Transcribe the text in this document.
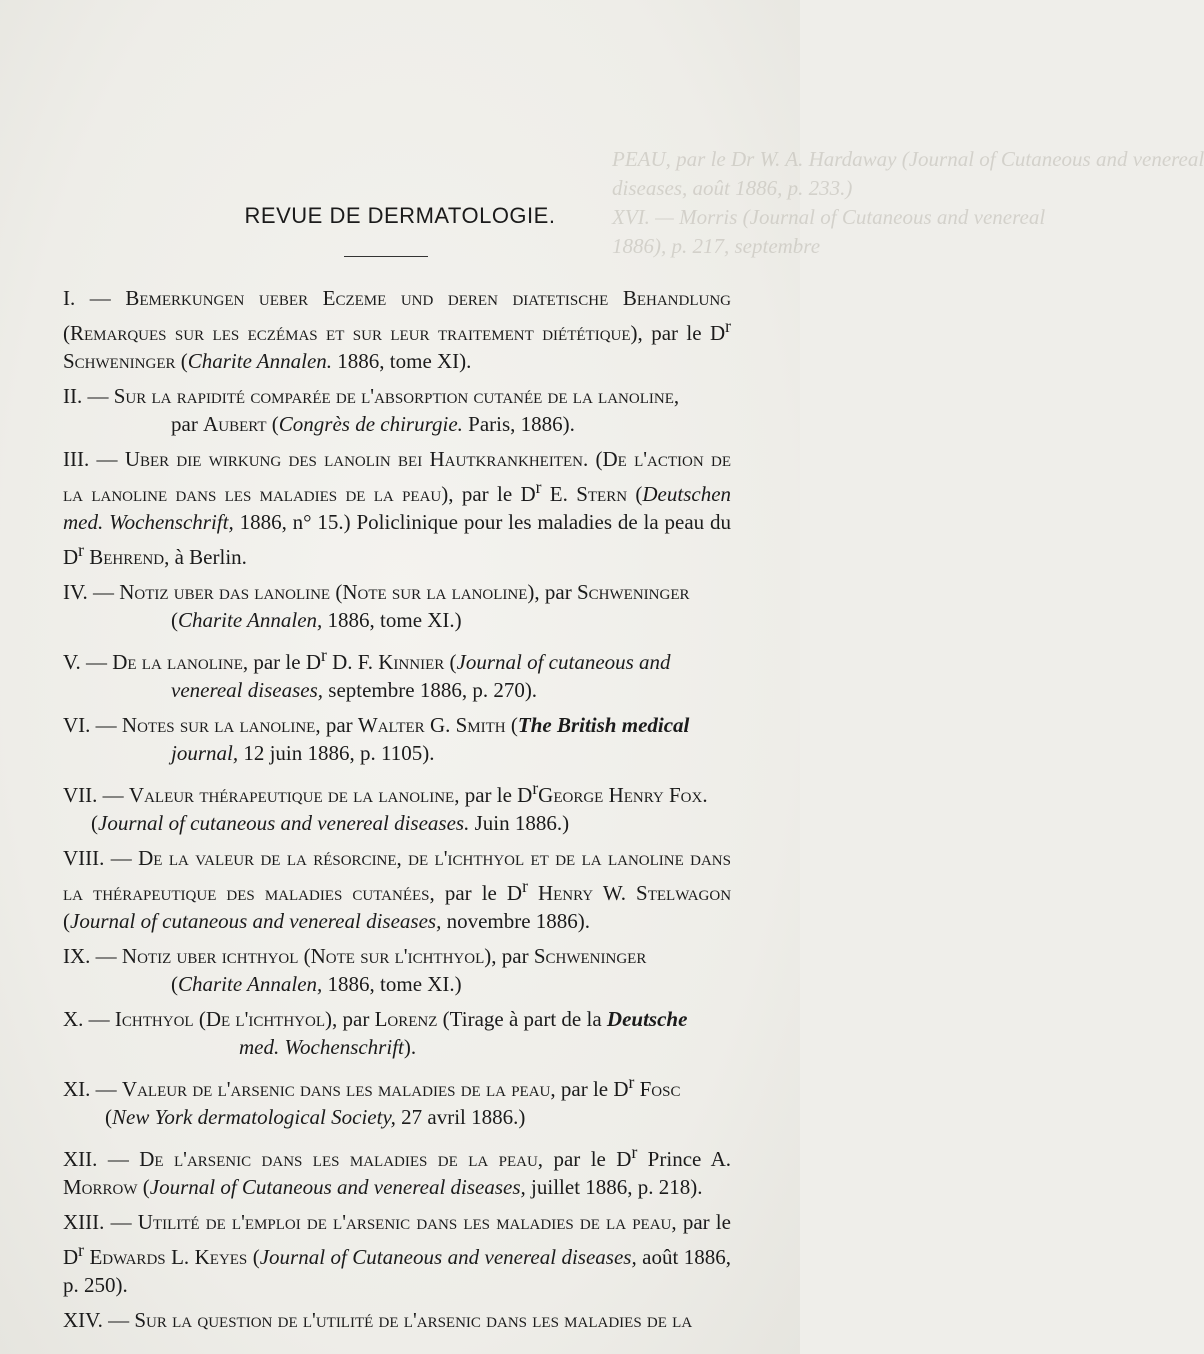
PEAU, par le Dr W. A. Hardaway (Journal of Cutaneous and venereal
diseases, août 1886, p. 233.)
XVI. — Morris (Journal of Cutaneous and venereal
1886), p. 217, septembre
REVUE DE DERMATOLOGIE.

I. — Bemerkungen ueber Eczeme und deren diatetische Behandlung (Remarques sur les eczémas et sur leur traitement diététique), par le $D^r$ Schweninger (Charite Annalen. 1886, tome XI).

II. — Sur la rapidité comparée de l'absorption cutanée de la lanoline,
par Aubert (Congrès de chirurgie. Paris, 1886).

III. — Uber die wirkung des lanolin bei Hautkrankheiten. (De l'action de la lanoline dans les maladies de la peau), par le $D^r$ E. Stern (Deutschen med. Wochenschrift, 1886, n° 15.) Policlinique pour les maladies de la peau du $D^r$ Behrend, à Berlin.

IV. — Notiz uber das lanoline (Note sur la lanoline), par Schweninger
(Charite Annalen, 1886, tome XI.)

V. — De la lanoline, par le $D^r$ D. F. Kinnier (Journal of cutaneous and
venereal diseases, septembre 1886, p. 270).

VI. — Notes sur la lanoline, par Walter G. Smith (The British medical
journal, 12 juin 1886, p. 1105).

VII. — Valeur thérapeutique de la lanoline, par le $D^rGeorge$ Henry Fox.
(Journal of cutaneous and venereal diseases. Juin 1886.)

VIII. — De la valeur de la résorcine, de l'ichthyol et de la lanoline dans la thérapeutique des maladies cutanées, par le $D^r$ Henry W. Stelwagon (Journal of cutaneous and venereal diseases, novembre 1886).

IX. — Notiz uber ichthyol (Note sur l'ichthyol), par Schweninger
(Charite Annalen, 1886, tome XI.)

X. — Ichthyol (De l'ichthyol), par Lorenz (Tirage à part de la Deutsche
med. Wochenschrift).

XI. — Valeur de l'arsenic dans les maladies de la peau, par le $D^r$ Fosc
(New York dermatological Society, 27 avril 1886.)

XII. — De l'arsenic dans les maladies de la peau, par le $D^r$ Prince A. Morrow (Journal of Cutaneous and venereal diseases, juillet 1886, p. 218).

XIII. — Utilité de l'emploi de l'arsenic dans les maladies de la peau, par le $D^r$ Edwards L. Keyes (Journal of Cutaneous and venereal diseases, août 1886, p. 250).

XIV. — Sur la question de l'utilité de l'arsenic dans les maladies de la
